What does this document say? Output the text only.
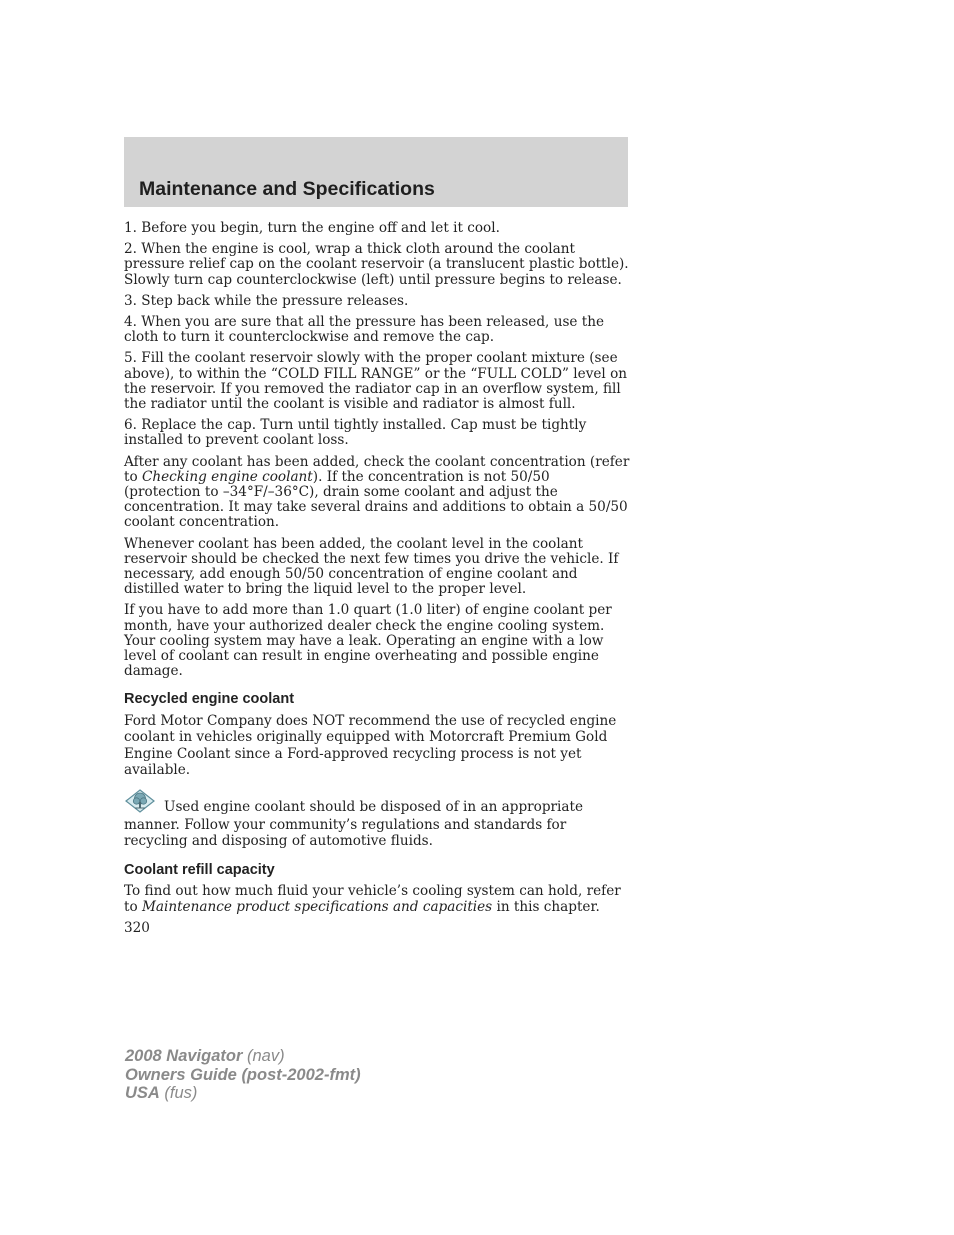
Maintenance and Specifications

1. Before you begin, turn the engine off and let it cool.

2. When the engine is cool, wrap a thick cloth around the coolant pressure relief cap on the coolant reservoir (a translucent plastic bottle). Slowly turn cap counterclockwise (left) until pressure begins to release.

3. Step back while the pressure releases.

4. When you are sure that all the pressure has been released, use the cloth to turn it counterclockwise and remove the cap.

5. Fill the coolant reservoir slowly with the proper coolant mixture (see above), to within the “COLD FILL RANGE” or the “FULL COLD” level on the reservoir. If you removed the radiator cap in an overflow system, fill the radiator until the coolant is visible and radiator is almost full.

6. Replace the cap. Turn until tightly installed. Cap must be tightly installed to prevent coolant loss.

After any coolant has been added, check the coolant concentration (refer to Checking engine coolant). If the concentration is not 50/50 (protection to –34°F/–36°C), drain some coolant and adjust the concentration. It may take several drains and additions to obtain a 50/50 coolant concentration.

Whenever coolant has been added, the coolant level in the coolant reservoir should be checked the next few times you drive the vehicle. If necessary, add enough 50/50 concentration of engine coolant and distilled water to bring the liquid level to the proper level.

If you have to add more than 1.0 quart (1.0 liter) of engine coolant per month, have your authorized dealer check the engine cooling system. Your cooling system may have a leak. Operating an engine with a low level of coolant can result in engine overheating and possible engine damage.

Recycled engine coolant

Ford Motor Company does NOT recommend the use of recycled engine coolant in vehicles originally equipped with Motorcraft Premium Gold Engine Coolant since a Ford-approved recycling process is not yet available.

Used engine coolant should be disposed of in an appropriate manner. Follow your community’s regulations and standards for recycling and disposing of automotive fluids.

Coolant refill capacity

To find out how much fluid your vehicle’s cooling system can hold, refer to Maintenance product specifications and capacities in this chapter.

320

2008 Navigator (nav)
Owners Guide (post-2002-fmt)
USA (fus)
